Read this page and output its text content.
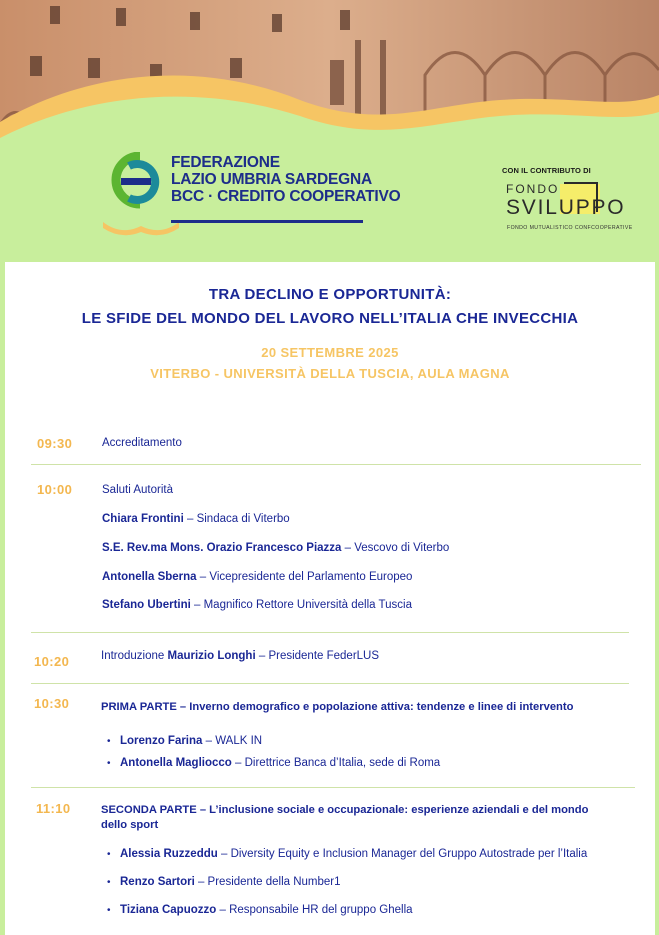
FEDERAZIONE
LAZIO UMBRIA SARDEGNA
BCC · CREDITO COOPERATIVO
CON IL CONTRIBUTO DI
FONDO
SVILUPPO
FONDO MUTUALISTICO CONFCOOPERATIVE
TRA DECLINO E OPPORTUNITÀ:
LE SFIDE DEL MONDO DEL LAVORO NELL’ITALIA CHE INVECCHIA
20 SETTEMBRE 2025
VITERBO - UNIVERSITÀ DELLA TUSCIA, AULA MAGNA
09:30	Accreditamento
10:00	Saluti Autorità
Chiara Frontini – Sindaca di Viterbo
S.E. Rev.ma Mons. Orazio Francesco Piazza – Vescovo di Viterbo
Antonella Sberna – Vicepresidente del Parlamento Europeo
Stefano Ubertini – Magnifico Rettore Università della Tuscia
10:20	Introduzione Maurizio Longhi – Presidente FederLUS
10:30	PRIMA PARTE – Inverno demografico e popolazione attiva: tendenze e linee di intervento
• Lorenzo Farina – WALK IN
• Antonella Magliocco – Direttrice Banca d’Italia, sede di Roma
11:10	SECONDA PARTE – L’inclusione sociale e occupazionale: esperienze aziendali e del mondo
dello sport
• Alessia Ruzzeddu – Diversity Equity e Inclusion Manager del Gruppo Autostrade per l’Italia
• Renzo Sartori – Presidente della Number1
• Tiziana Capuozzo – Responsabile HR del gruppo Ghella
